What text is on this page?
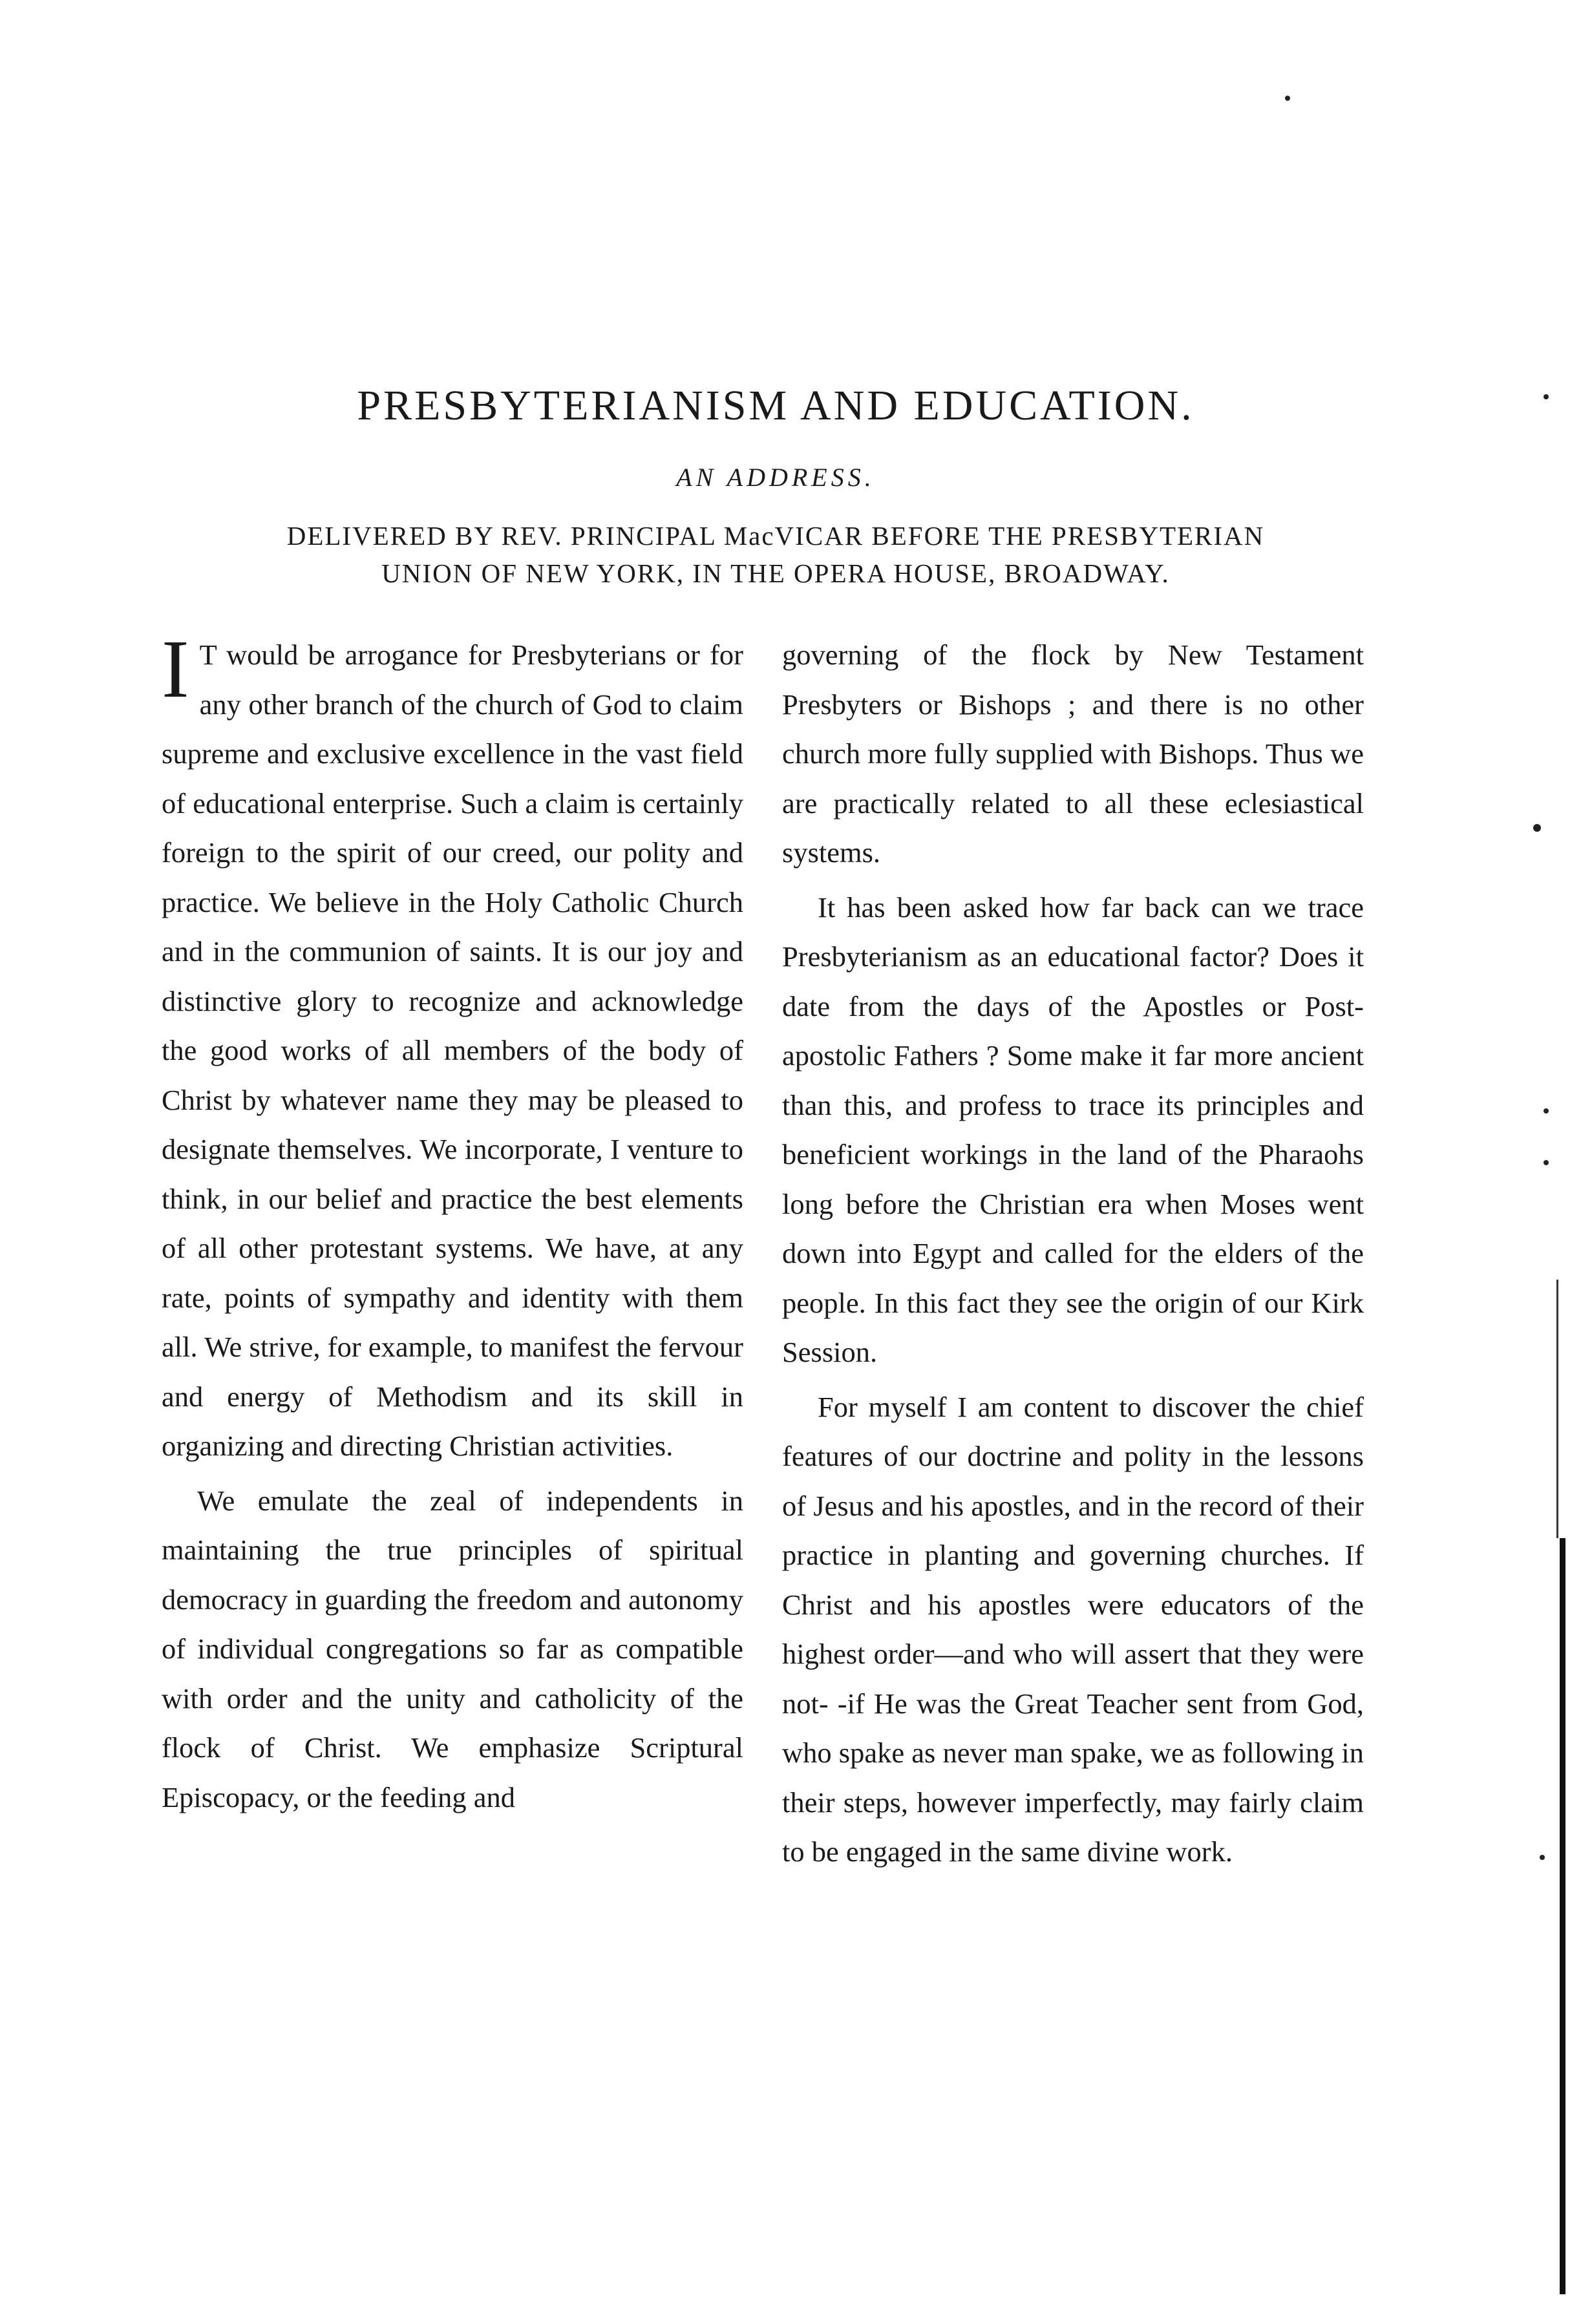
PRESBYTERIANISM AND EDUCATION.
AN ADDRESS.
DELIVERED BY REV. PRINCIPAL MacVICAR BEFORE THE PRESBYTERIAN
UNION OF NEW YORK, IN THE OPERA HOUSE, BROADWAY.

I T would be arrogance for Presbyterians or for any other branch of the church of God to claim supreme and exclusive excellence in the vast field of educational enterprise. Such a claim is certainly foreign to the spirit of our creed, our polity and practice. We believe in the Holy Catholic Church and in the communion of saints. It is our joy and distinctive glory to recognize and acknowledge the good works of all members of the body of Christ by whatever name they may be pleased to designate themselves. We incorporate, I venture to think, in our belief and practice the best elements of all other protestant systems. We have, at any rate, points of sympathy and identity with them all. We strive, for example, to manifest the fervour and energy of Methodism and its skill in organizing and directing Christian activities.

We emulate the zeal of independents in maintaining the true principles of spiritual democracy in guarding the freedom and autonomy of individual congregations so far as compatible with order and the unity and catholicity of the flock of Christ. We emphasize Scriptural Episcopacy, or the feeding and

governing of the flock by New Testament Presbyters or Bishops ; and there is no other church more fully supplied with Bishops. Thus we are practically related to all these eclesiastical systems.

It has been asked how far back can we trace Presbyterianism as an educational factor? Does it date from the days of the Apostles or Post-apostolic Fathers ? Some make it far more ancient than this, and profess to trace its principles and beneficient workings in the land of the Pharaohs long before the Christian era when Moses went down into Egypt and called for the elders of the people. In this fact they see the origin of our Kirk Session.

For myself I am content to discover the chief features of our doctrine and polity in the lessons of Jesus and his apostles, and in the record of their practice in planting and governing churches. If Christ and his apostles were educators of the highest order—and who will assert that they were not- -if He was the Great Teacher sent from God, who spake as never man spake, we as following in their steps, however imperfectly, may fairly claim to be engaged in the same divine work.
